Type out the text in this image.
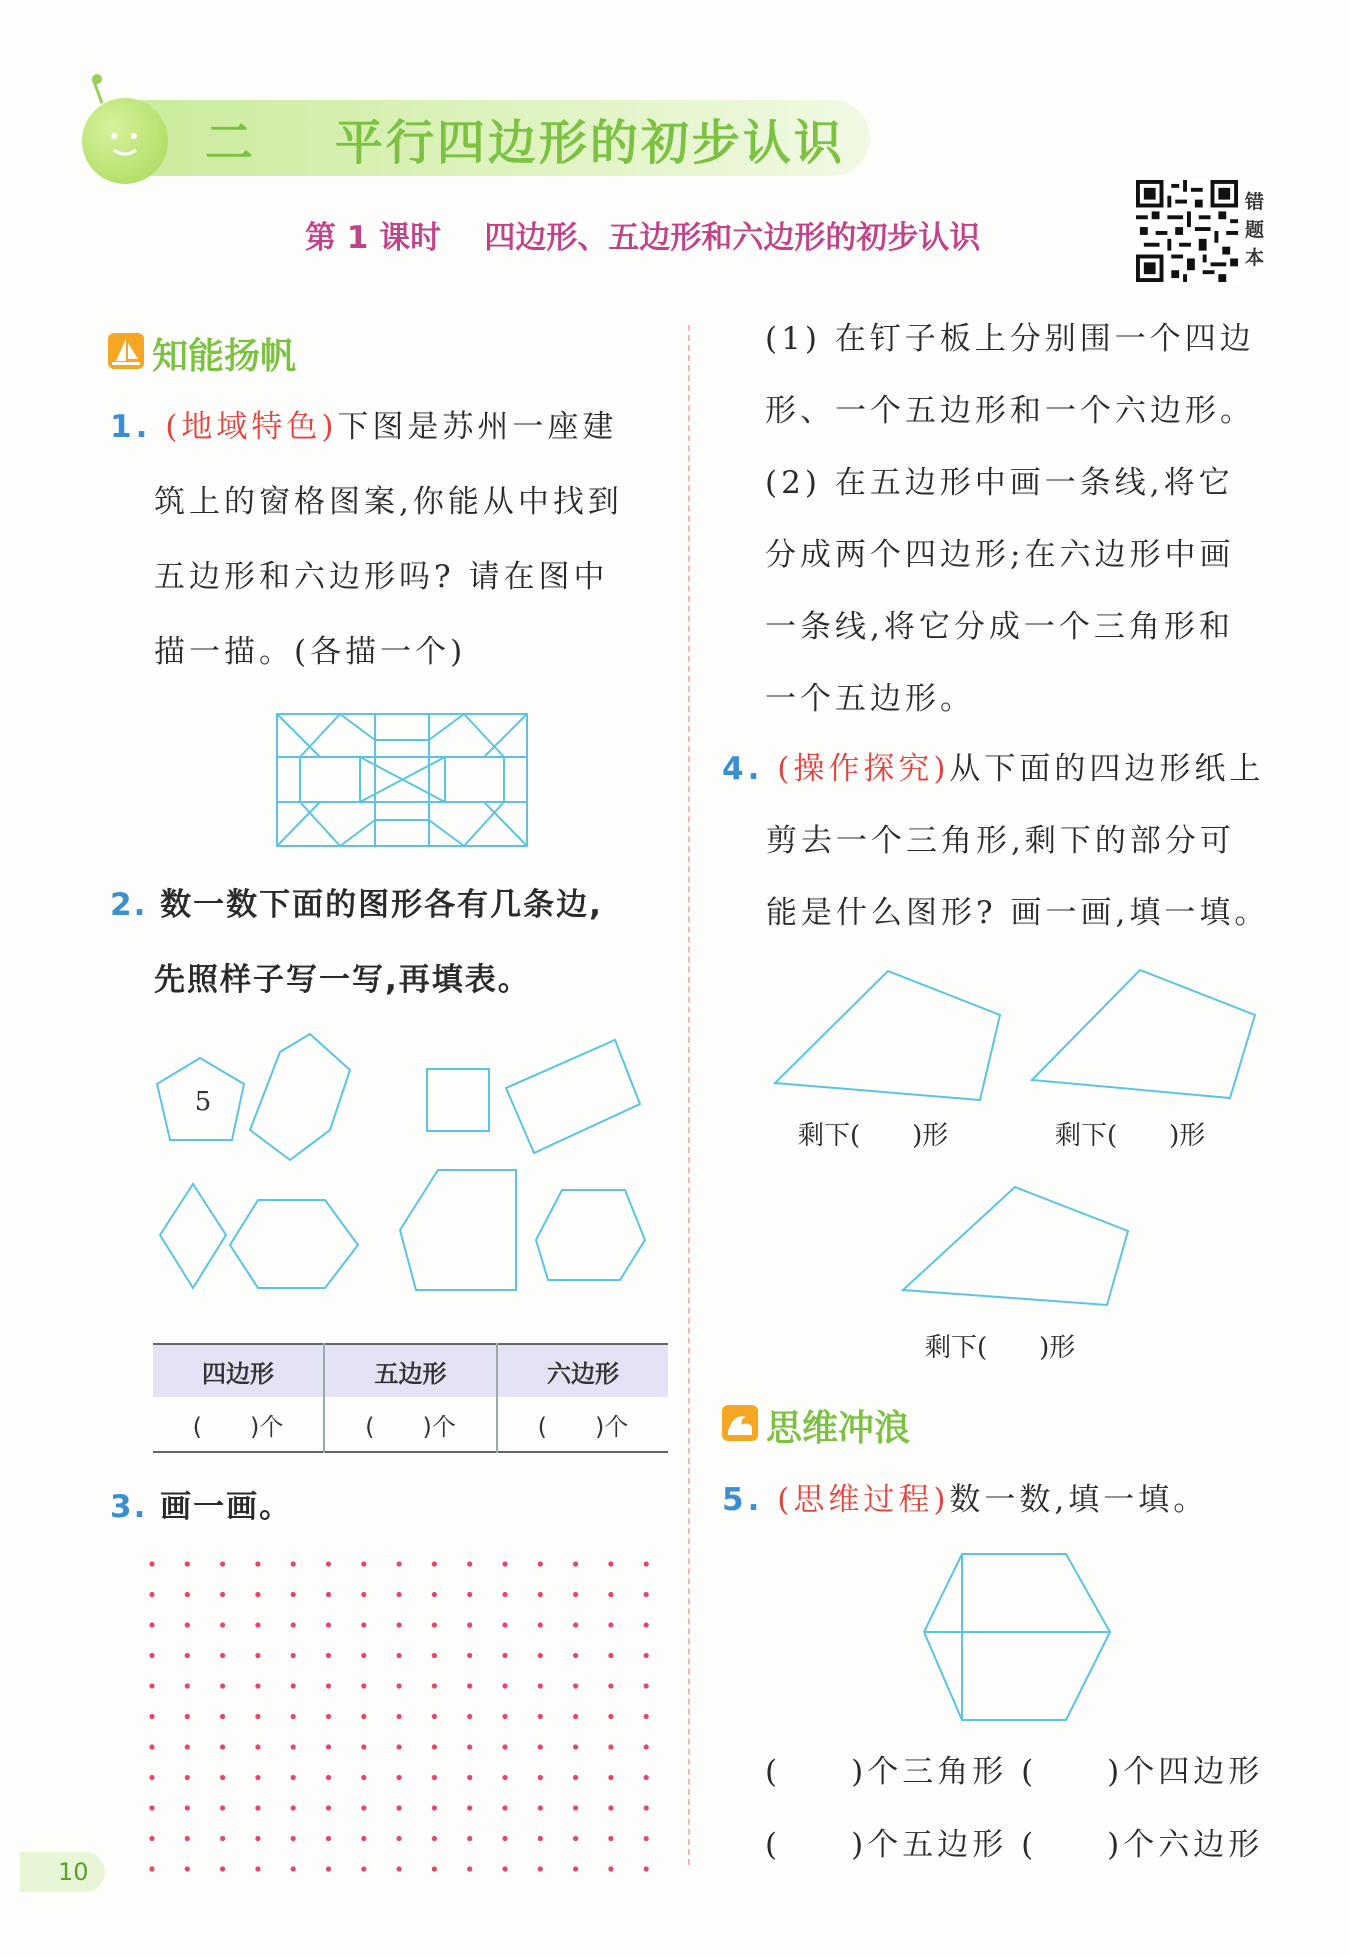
二 平行四边形的初步认识
第 1 课时 四边形、五边形和六边形的初步认识
错
题
本
知能扬帆
1. (地域特色)下图是苏州一座建
筑上的窗格图案,你能从中找到
五边形和六边形吗? 请在图中
描一描。(各描一个)
2. 数一数下面的图形各有几条边,
先照样子写一写,再填表。
5
四边形	五边形	六边形
(　　)个	(　　)个	(　　)个
3. 画一画。
(1) 在钉子板上分别围一个四边
形、一个五边形和一个六边形。
(2) 在五边形中画一条线,将它
分成两个四边形;在六边形中画
一条线,将它分成一个三角形和
一个五边形。
4. (操作探究)从下面的四边形纸上
剪去一个三角形,剩下的部分可
能是什么图形? 画一画,填一填。
剩下(　　)形	剩下(　　)形
剩下(　　)形
思维冲浪
5. (思维过程)数一数,填一填。
(　　)个三角形 (　　)个四边形
(　　)个五边形 (　　)个六边形
10
